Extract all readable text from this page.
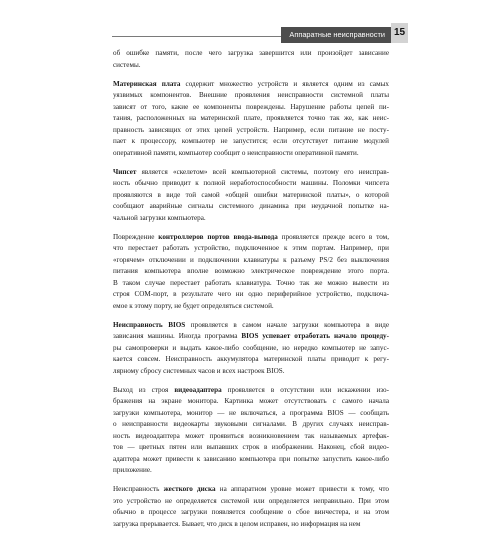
Аппаратные неисправности 15
об ошибке памяти, после чего загрузка завершится или произойдет зависание
системы.
Материнская плата содержит множество устройств и является одним из самых
уязвимых компонентов. Внешние проявления неисправности системной платы
зависят от того, какие ее компоненты повреждены. Нарушение работы цепей пи-
тания, расположенных на материнской плате, проявляется точно так же, как неис-
правность зависящих от этих цепей устройств. Например, если питание не посту-
пает к процессору, компьютер не запустится; если отсутствует питание модулей
оперативной памяти, компьютер сообщит о неисправности оперативной памяти.
Чипсет является «скелетом» всей компьютерной системы, поэтому его неисправ-
ность обычно приводит к полной неработоспособности машины. Поломки чипсета
проявляются в виде той самой «общей ошибки материнской платы», о которой
сообщают аварийные сигналы системного динамика при неудачной попытке на-
чальной загрузки компьютера.
Повреждение контроллеров портов ввода-вывода проявляется прежде всего в том,
что перестает работать устройство, подключенное к этим портам. Например, при
«горячем» отключении и подключении клавиатуры к разъему PS/2 без выключения
питания компьютера вполне возможно электрическое повреждение этого порта.
В таком случае перестает работать клавиатура. Точно так же можно вывести из
строя COM-порт, в результате чего ни одно периферийное устройство, подключа-
емое к этому порту, не будет определяться системой.
Неисправность BIOS проявляется в самом начале загрузки компьютера в виде
зависания машины. Иногда программа BIOS успевает отработать начало процеду-
ры самопроверки и выдать какое-либо сообщение, но нередко компьютер не запус-
кается совсем. Неисправность аккумулятора материнской платы приводит к регу-
лярному сбросу системных часов и всех настроек BIOS.
Выход из строя видеоадаптера проявляется в отсутствии или искажении изо-
бражения на экране монитора. Картинка может отсутствовать с самого начала
загрузки компьютера, монитор — не включаться, а программа BIOS — сообщать
о неисправности видеокарты звуковыми сигналами. В других случаях неисправ-
ность видеоадаптера может проявиться возникновением так называемых артефак-
тов — цветных пятен или выпавших строк в изображении. Наконец, сбой видео-
адаптера может привести к зависанию компьютера при попытке запустить какое-либо
приложение.
Неисправность жесткого диска на аппаратном уровне может привести к тому, что
это устройство не определяется системой или определяется неправильно. При этом
обычно в процессе загрузки появляется сообщение о сбое винчестера, и на этом
загрузка прерывается. Бывает, что диск в целом исправен, но информация на нем
